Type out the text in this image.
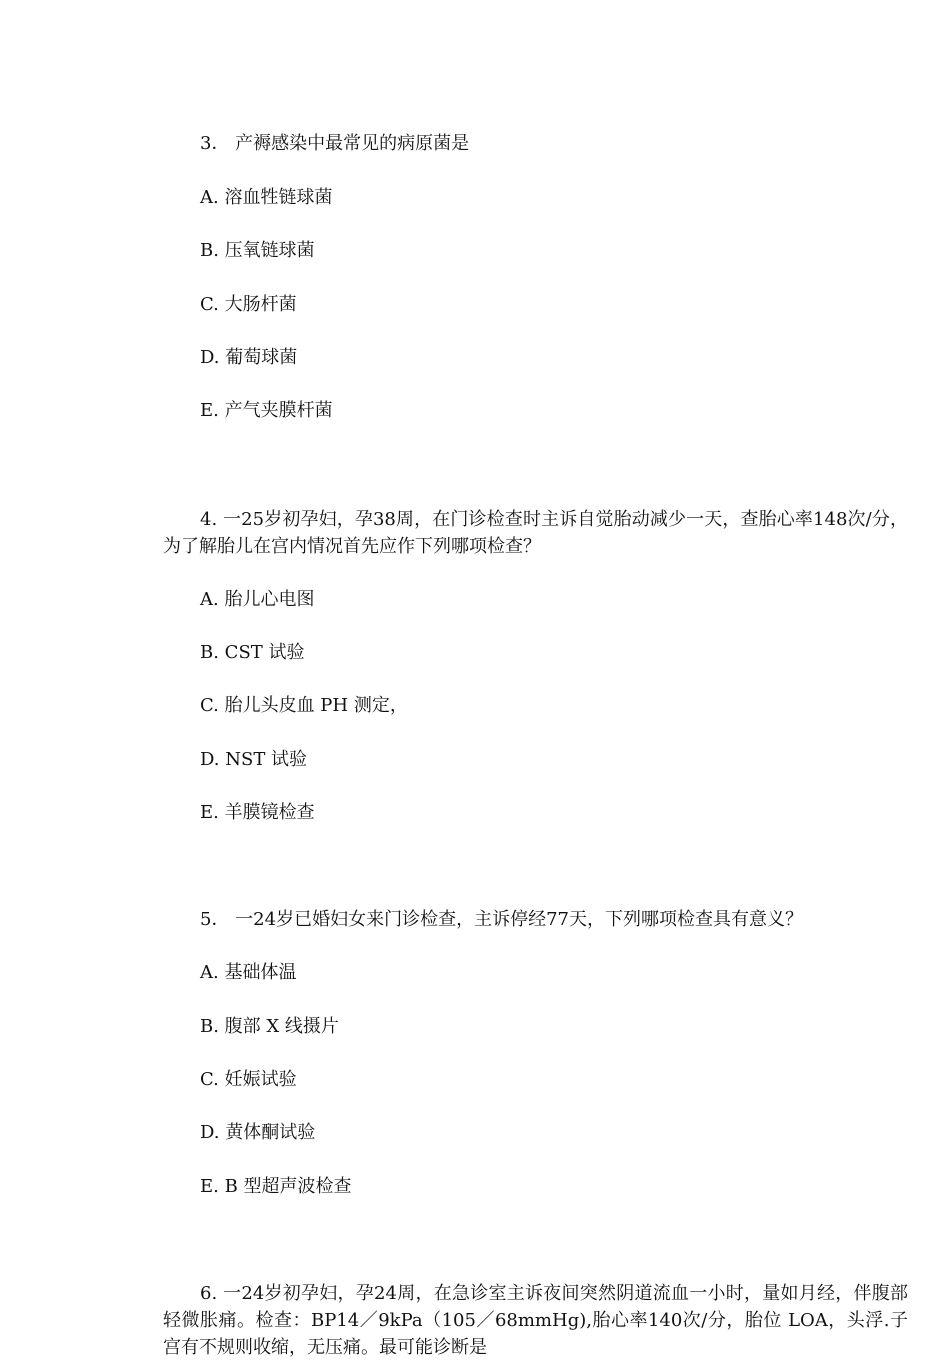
3． 产褥感染中最常见的病原菌是
A. 溶血牲链球菌
B. 压氧链球菌
C. 大肠杆菌
D. 葡萄球菌
E. 产气夹膜杆菌
4. 一25岁初孕妇，孕38周，在门诊检查时主诉自觉胎动减少一天，查胎心率148次/分，为了解胎儿在宫内情况首先应作下列哪项检查？
A. 胎儿心电图
B. CST 试验
C. 胎儿头皮血 PH 测定，
D. NST 试验
E. 羊膜镜检查
5． 一24岁已婚妇女来门诊检查，主诉停经77天，下列哪项检查具有意义？
A. 基础体温
B. 腹部 X 线摄片
C. 妊娠试验
D. 黄体酮试验
E. B 型超声波检查
6. 一24岁初孕妇，孕24周，在急诊室主诉夜间突然阴道流血一小时，量如月经，伴腹部轻微胀痛。检查：BP14／9kPa（105／68mmHg),胎心率140次/分，胎位 LOA，头浮.子宫有不规则收缩，无压痛。最可能诊断是
